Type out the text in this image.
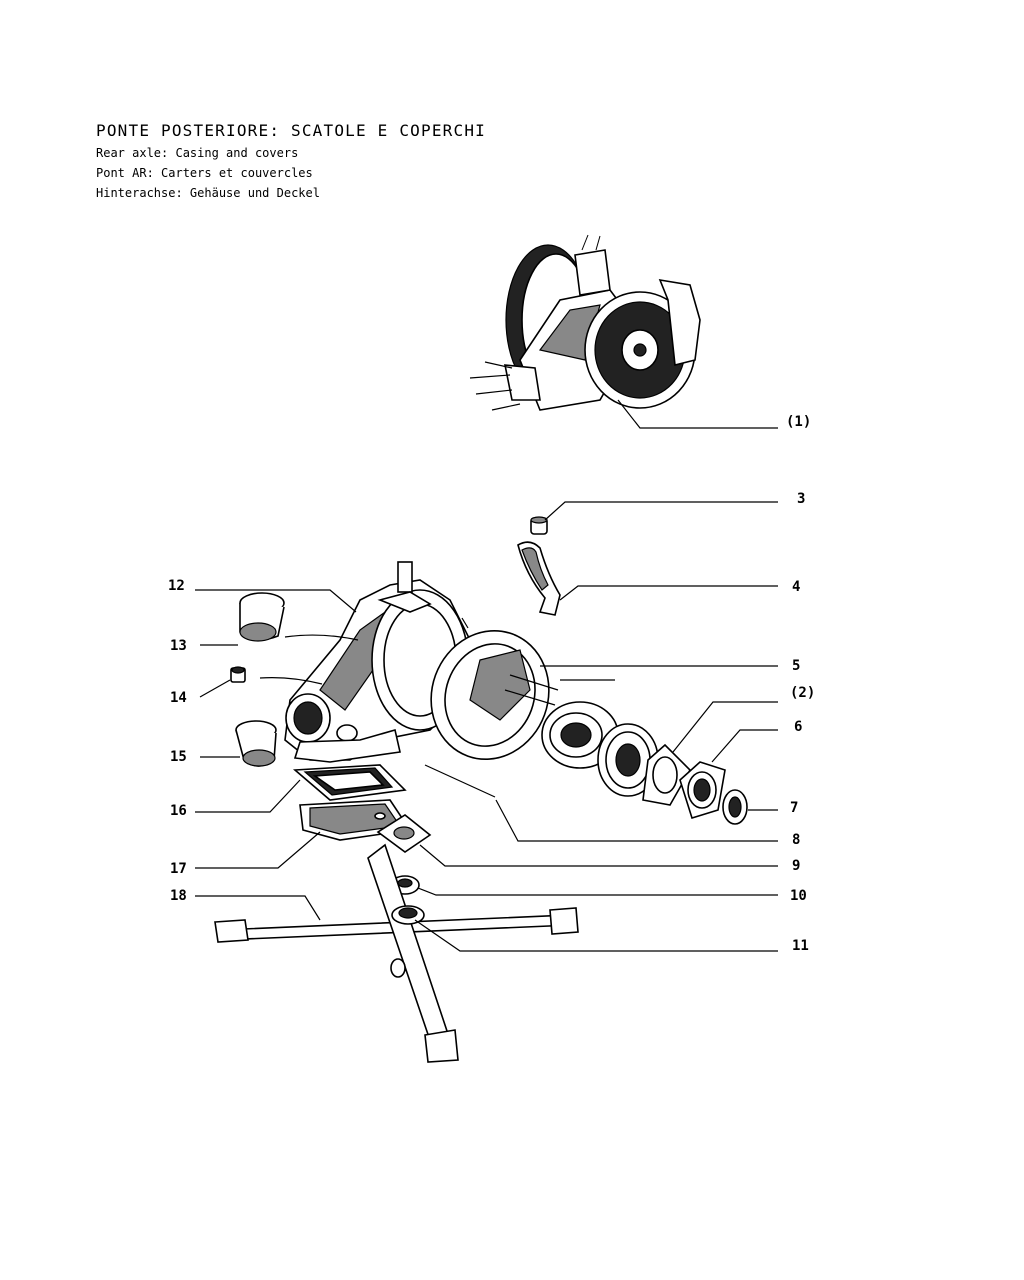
PONTE POSTERIORE: SCATOLE E COPERCHI
Rear axle: Casing and covers
Pont AR: Carters et couvercles
Hinterachse: Gehäuse und Deckel
(1)
(2)
3
4
5
6
7
8
9
10
11
12
13
14
15
16
17
18
